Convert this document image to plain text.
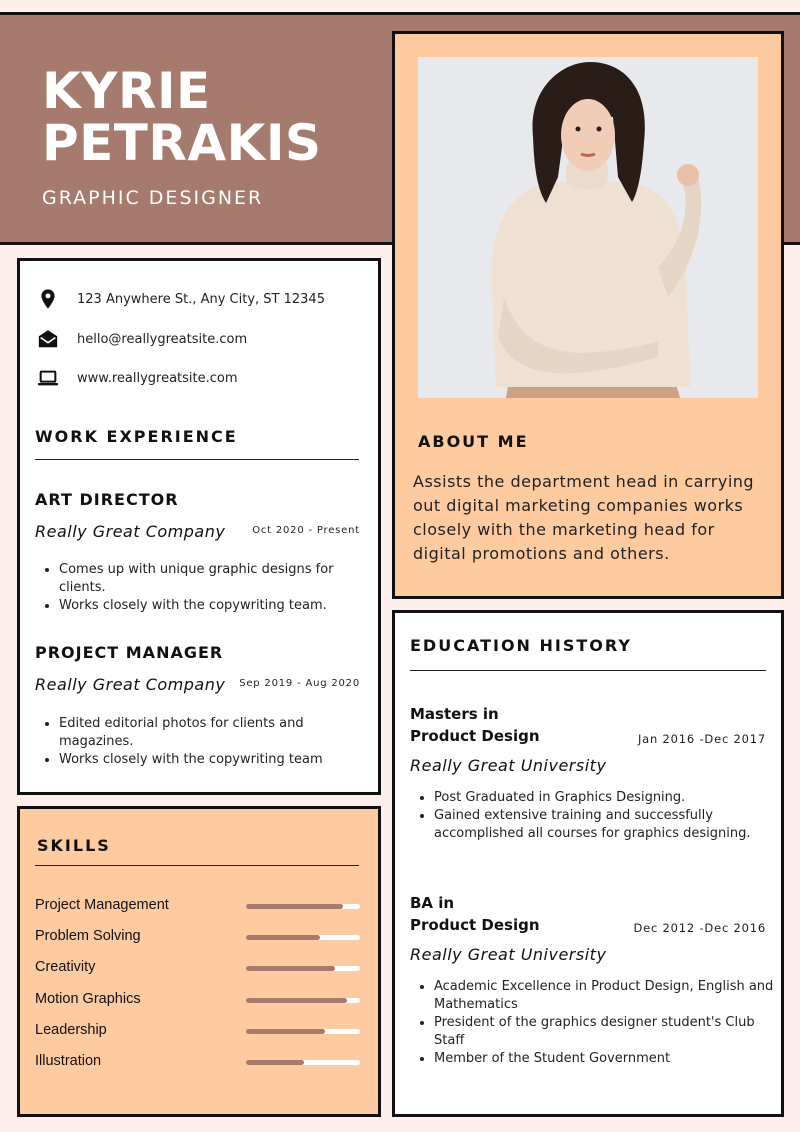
KYRIE
PETRAKIS

GRAPHIC DESIGNER

123 Anywhere St., Any City, ST 12345
hello@reallygreatsite.com
www.reallygreatsite.com
WORK EXPERIENCE
ART DIRECTOR

Really Great Company	Oct 2020 - Present

• Comes up with unique graphic designs for clients.
• Works closely with the copywriting team.
PROJECT MANAGER

Really Great Company Sep 2019 - Aug 2020

• Edited editorial photos for clients and magazines.
• Works closely with the copywriting team
ABOUT ME

Assists the department head in carrying out digital marketing companies works closely with the marketing head for digital promotions and others.

SKILLS

Project Management

Problem Solving

Creativity

Motion Graphics

Leadership

Illustration

EDUCATION HISTORY

Masters in
Product Design	Jan 2016 -Dec 2017

Really Great University

• Post Graduated in Graphics Designing.
• Gained extensive training and successfully accomplished all courses for graphics designing.

BA in
Product Design	Dec 2012 -Dec 2016

Really Great University

• Academic Excellence in Product Design, English and Mathematics
• President of the graphics designer student's Club Staff
• Member of the Student Government
